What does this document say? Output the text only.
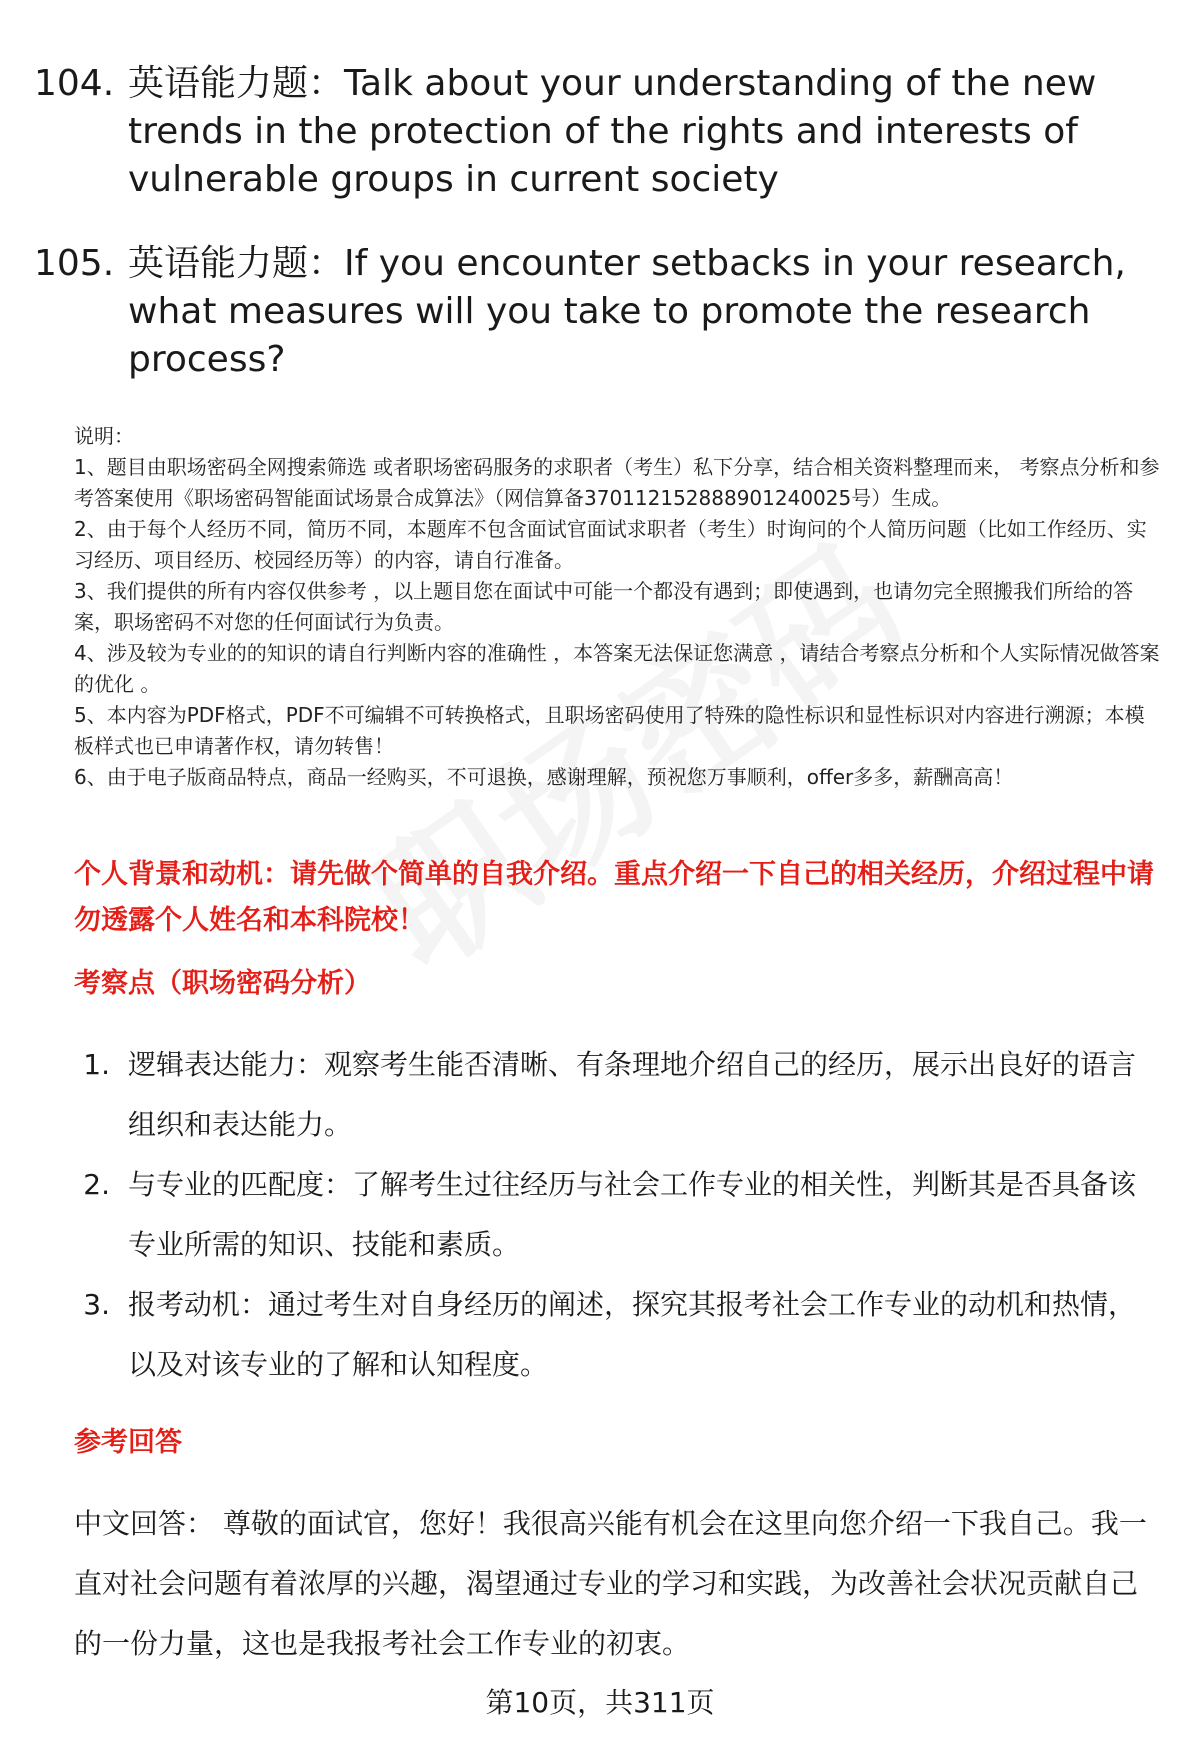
104. 英语能力题：Talk about your understanding of the new trends in the protection of the rights and interests of vulnerable groups in current society
105. 英语能力题：If you encounter setbacks in your research, what measures will you take to promote the research process?

说明：

1、题目由职场密码全网搜索筛选 或者职场密码服务的求职者（考生）私下分享，结合相关资料整理而来， 考察点分析和参考答案使用《职场密码智能面试场景合成算法》（网信算备370112152888901240025号）生成。

2、由于每个人经历不同，简历不同，本题库不包含面试官面试求职者（考生）时询问的个人简历问题（比如工作经历、实习经历、项目经历、校园经历等）的内容，请自行准备。

3、我们提供的所有内容仅供参考 ，以上题目您在面试中可能一个都没有遇到；即使遇到，也请勿完全照搬我们所给的答案，职场密码不对您的任何面试行为负责。

4、涉及较为专业的的知识的请自行判断内容的准确性 ，本答案无法保证您满意 ，请结合考察点分析和个人实际情况做答案的优化 。

5、本内容为PDF格式，PDF不可编辑不可转换格式，且职场密码使用了特殊的隐性标识和显性标识对内容进行溯源；本模板样式也已申请著作权，请勿转售！

6、由于电子版商品特点，商品一经购买，不可退换，感谢理解，预祝您万事顺利，offer多多，薪酬高高！

个人背景和动机：请先做个简单的自我介绍。重点介绍一下自己的相关经历，介绍过程中请勿透露个人姓名和本科院校！
考察点（职场密码分析）
1. 逻辑表达能力：观察考生能否清晰、有条理地介绍自己的经历，展示出良好的语言组织和表达能力。
2. 与专业的匹配度：了解考生过往经历与社会工作专业的相关性，判断其是否具备该专业所需的知识、技能和素质。
3. 报考动机：通过考生对自身经历的阐述，探究其报考社会工作专业的动机和热情，以及对该专业的了解和认知程度。
参考回答
中文回答： 尊敬的面试官，您好！我很高兴能有机会在这里向您介绍一下我自己。我一直对社会问题有着浓厚的兴趣，渴望通过专业的学习和实践，为改善社会状况贡献自己的一份力量，这也是我报考社会工作专业的初衷。
第10页，共311页
